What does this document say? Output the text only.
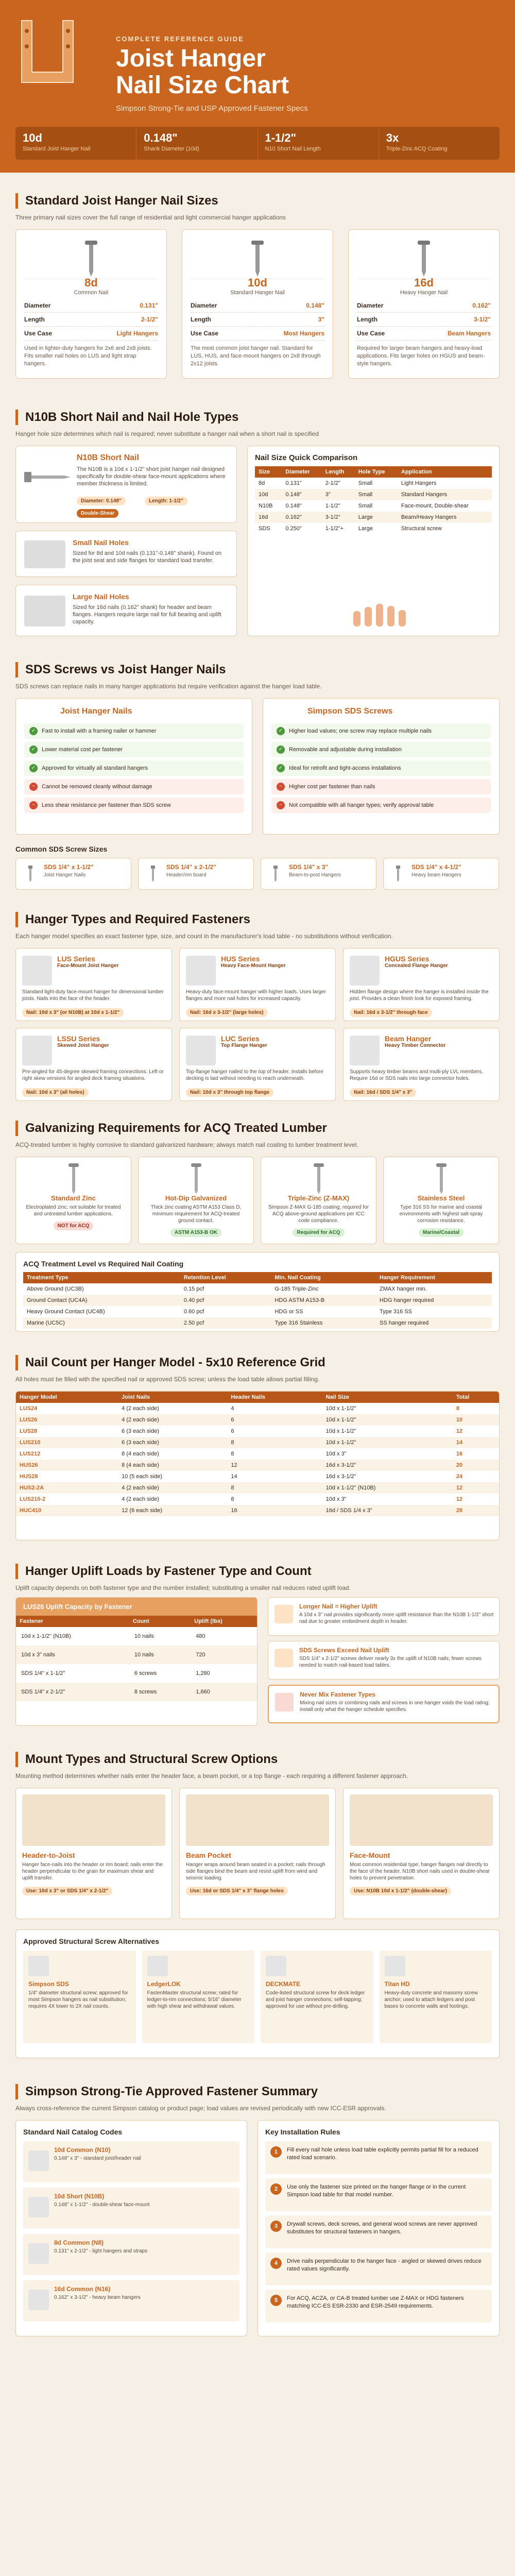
COMPLETE REFERENCE GUIDE
Joist Hanger
Nail Size Chart
Simpson Strong-Tie and USP Approved Fastener Specs
10d
Standard Joist Hanger Nail
0.148"
Shank Diameter (10d)
1-1/2"
N10 Short Nail Length
3x
Triple-Zinc ACQ Coating
Standard Joist Hanger Nail Sizes
Three primary nail sizes cover the full range of residential and light commercial hanger applications
N10B Short Nail and Nail Hole Types
Hanger hole size determines which nail is required; never substitute a hanger nail when a short nail is specified
N10B Short Nail
The N10B is a 10d x 1-1/2" short joist hanger nail designed specifically for double-shear face-mount applications where member thickness is limited.
Diameter: 0.148"	Length: 1-1/2"
Double-Shear
Small Nail Holes
Sized for 8d and 10d nails (0.131"-0.148" shank). Found on the joist seat and side flanges for standard load transfer.
Large Nail Holes
Sized for 16d nails (0.162" shank) for header and beam flanges. Hangers require large nail for full bearing and uplift capacity.
Nail Size Quick Comparison
Size	Diameter	Length	Hole Type	Application
8d	0.131"	2-1/2"	Small	Light Hangers
10d	0.148"	3"	Small	Standard Hangers
N10B	0.148"	1-1/2"	Small	Face-mount, Double-shear
16d	0.162"	3-1/2"	Large	Beam/Heavy Hangers
SDS	0.250"	1-1/2"+	Large	Structural screw
SDS Screws vs Joist Hanger Nails
SDS screws can replace nails in many hanger applications but require verification against the hanger load table.
Joist Hanger Nails
✓	Fast to install with a framing nailer or hammer
✓	Lower material cost per fastener
✓	Approved for virtually all standard hangers
−	Cannot be removed cleanly without damage
−	Less shear resistance per fastener than SDS screw
Simpson SDS Screws
✓	Higher load values; one screw may replace multiple nails
✓	Removable and adjustable during installation
✓	Ideal for retrofit and tight-access installations
−	Higher cost per fastener than nails
−	Not compatible with all hanger types; verify approval table
Common SDS Screw Sizes
Hanger Types and Required Fasteners
Each hanger model specifies an exact fastener type, size, and count in the manufacturer's load table - no substitutions without verification.
Galvanizing Requirements for ACQ Treated Lumber
ACQ-treated lumber is highly corrosive to standard galvanized hardware; always match nail coating to lumber treatment level.
ACQ Treatment Level vs Required Nail Coating
Treatment Type	Retention Level	Min. Nail Coating	Hanger Requirement
Above Ground (UC3B)	0.15 pcf	G-185 Triple-Zinc	ZMAX hanger min.
Ground Contact (UC4A)	0.40 pcf	HDG ASTM A153-B	HDG hanger required
Heavy Ground Contact (UC4B)	0.60 pcf	HDG or SS	Type 316 SS
Marine (UC5C)	2.50 pcf	Type 316 Stainless	SS hanger required
Nail Count per Hanger Model - 5x10 Reference Grid
All holes must be filled with the specified nail or approved SDS screw; unless the load table allows partial filling.
Hanger Model	Joist Nails	Header Nails	Nail Size	Total
LUS24	4 (2 each side)	4	10d x 1-1/2"	8
LUS26	4 (2 each side)	6	10d x 1-1/2"	10
LUS28	6 (3 each side)	6	10d x 1-1/2"	12
LUS210	6 (3 each side)	8	10d x 1-1/2"	14
LUS212	8 (4 each side)	8	10d x 3"	16
HUS26	8 (4 each side)	12	16d x 3-1/2"	20
HUS28	10 (5 each side)	14	16d x 3-1/2"	24
HUS2-2A	4 (2 each side)	8	10d x 1-1/2" (N10B)	12
LUS210-2	4 (2 each side)	8	10d x 3"	12
HUC410	12 (6 each side)	16	16d / SDS 1/4 x 3"	28
Hanger Uplift Loads by Fastener Type and Count
Uplift capacity depends on both fastener type and the number installed; substituting a smaller nail reduces rated uplift load.
LUS26 Uplift Capacity by Fastener
Fastener	Count	Uplift (lbs)
10d x 1-1/2" (N10B)	10 nails	480
10d x 3" nails	10 nails	720
SDS 1/4" x 1-1/2"	6 screws	1,280
SDS 1/4" x 2-1/2"	8 screws	1,660
Mount Types and Structural Screw Options
Mounting method determines whether nails enter the header face, a beam pocket, or a top flange - each requiring a different fastener approach.
Approved Structural Screw Alternatives
Simpson SDS
1/4" diameter structural screw; approved for most Simpson hangers as nail substitution; requires 4X lower to 2X nail counts.
LedgerLOK
FastenMaster structural screw; rated for ledger-to-rim connections; 5/16" diameter with high shear and withdrawal values.
DECKMATE
Code-listed structural screw for deck ledger and joist hanger connections; self-tapping; approved for use without pre-drilling.
Titan HD
Heavy-duty concrete and masonry screw anchor; used to attach ledgers and post bases to concrete walls and footings.
Simpson Strong-Tie Approved Fastener Summary
Always cross-reference the current Simpson catalog or product page; load values are revised periodically with new ICC-ESR approvals.
Standard Nail Catalog Codes
10d Common (N10)
0.148" x 3" - standard joist/header nail
10d Short (N10B)
0.148" x 1-1/2" - double-shear face-mount
8d Common (N8)
0.131" x 2-1/2" - light hangers and straps
16d Common (N16)
0.162" x 3-1/2" - heavy beam hangers
Key Installation Rules
1	Fill every nail hole unless load table explicitly permits partial fill for a reduced rated load scenario.
2	Use only the fastener size printed on the hanger flange or in the current Simpson load table for that model number.
3	Drywall screws, deck screws, and general wood screws are never approved substitutes for structural fasteners in hangers.
4	Drive nails perpendicular to the hanger face - angled or skewed drives reduce rated values significantly.
5	For ACQ, ACZA, or CA-B treated lumber use Z-MAX or HDG fasteners matching ICC-ES ESR-2330 and ESR-2549 requirements.
8d
Common Nail
Diameter	0.131"
Length	2-1/2"
Use Case	Light Hangers
Used in lighter-duty hangers for 2x6 and 2x8 joists. Fits smaller nail holes on LUS and light strap hangers.
10d
Standard Hanger Nail
Diameter	0.148"
Length	3"
Use Case	Most Hangers
The most common joist hanger nail. Standard for LUS, HUS, and face-mount hangers on 2x8 through 2x12 joists.
16d
Heavy Hanger Nail
Diameter	0.162"
Length	3-1/2"
Use Case	Beam Hangers
Required for larger beam hangers and heavy-load applications. Fits larger holes on HGUS and beam-style hangers.
SDS 1/4" x 1-1/2"
Joist Hanger Nails
SDS 1/4" x 2-1/2"
Header/rim board
SDS 1/4" x 3"
Beam-to-post Hangers
SDS 1/4" x 4-1/2"
Heavy beam Hangers
LUS Series
Face-Mount Joist Hanger
Standard light-duty face-mount hanger for dimensional lumber joists. Nails into the face of the header.
Nail: 10d x 3" (or N10B) at 10d x 1-1/2"
HUS Series
Heavy Face-Mount Hanger
Heavy-duty face-mount hanger with higher loads. Uses larger flanges and more nail holes for increased capacity.
Nail: 16d x 3-1/2" (large holes)
HGUS Series
Concealed Flange Hanger
Hidden flange design where the hanger is installed inside the joist. Provides a clean finish look for exposed framing.
Nail: 16d x 3-1/2" through face
LSSU Series
Skewed Joist Hanger
Pre-angled for 45-degree skewed framing connections. Left or right skew versions for angled deck framing situations.
Nail: 10d x 3" (all holes)
LUC Series
Top Flange Hanger
Top-flange hanger nailed to the top of header. Installs before decking is laid without needing to reach underneath.
Nail: 10d x 3" through top flange
Beam Hanger
Heavy Timber Connector
Supports heavy timber beams and multi-ply LVL members. Require 16d or SDS nails into large connector holes.
Nail: 16d / SDS 1/4" x 3"
Standard Zinc
Electroplated zinc; not suitable for treated and untreated lumber applications.
NOT for ACQ
Hot-Dip Galvanized
Thick zinc coating ASTM A153 Class D; minimum requirement for ACQ-treated ground contact.
ASTM A153-B OK
Triple-Zinc (Z-MAX)
Simpson Z-MAX G-185 coating; required for ACQ above-ground applications per ICC code compliance.
Required for ACQ
Stainless Steel
Type 316 SS for marine and coastal environments with highest salt-spray corrosion resistance.
Marine/Coastal
Longer Nail = Higher Uplift
A 10d x 3" nail provides significantly more uplift resistance than the N10B 1-1/2" short nail due to greater embedment depth in header.
SDS Screws Exceed Nail Uplift
SDS 1/4" x 2-1/2" screws deliver nearly 3x the uplift of N10B nails; fewer screws needed to match nail-based load tables.
Never Mix Fastener Types
Mixing nail sizes or combining nails and screws in one hanger voids the load rating; install only what the hanger schedule specifies.
Header-to-Joist
Hanger face-nails into the header or rim board; nails enter the header perpendicular to the grain for maximum shear and uplift transfer.
Use: 10d x 3" or SDS 1/4" x 2-1/2"
Beam Pocket
Hanger wraps around beam seated in a pocket; nails through side flanges bind the beam and resist uplift from wind and seismic loading.
Use: 16d or SDS 1/4" x 3" flange holes
Face-Mount
Most common residential type; hanger flanges nail directly to the face of the header. N10B short nails used in double-shear holes to prevent penetration.
Use: N10B 10d x 1-1/2" (double-shear)
